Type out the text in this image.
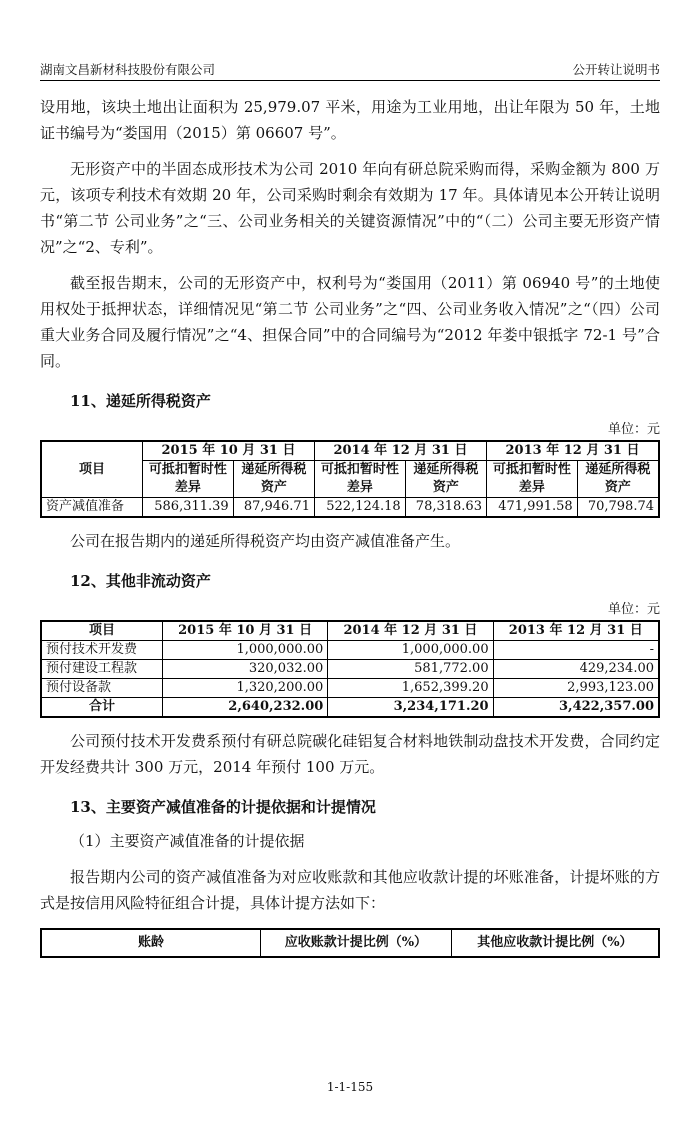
湖南文昌新材科技股份有限公司	公开转让说明书

设用地，该块土地出让面积为 25,979.07 平米，用途为工业用地，出让年限为 50 年，土地证书编号为“娄国用（2015）第 06607 号”。

无形资产中的半固态成形技术为公司 2010 年向有研总院采购而得，采购金额为 800 万元，该项专利技术有效期 20 年，公司采购时剩余有效期为 17 年。具体请见本公开转让说明书“第二节 公司业务”之“三、公司业务相关的关键资源情况”中的“（二）公司主要无形资产情况”之“2、专利”。

截至报告期末，公司的无形资产中，权利号为“娄国用（2011）第 06940 号”的土地使用权处于抵押状态，详细情况见“第二节 公司业务”之“四、公司业务收入情况”之“（四）公司重大业务合同及履行情况”之“4、担保合同”中的合同编号为“2012 年娄中银抵字 72-1 号”合同。

11、递延所得税资产
单位：元
项目	2015 年 10 月 31 日		2014 年 12 月 31 日		2013 年 12 月 31 日	
	可抵扣暂时性差异	递延所得税资产	可抵扣暂时性差异	递延所得税资产	可抵扣暂时性差异	递延所得税资产

资产减值准备	586,311.39	87,946.71	522,124.18	78,318.63	471,991.58	70,798.74

公司在报告期内的递延所得税资产均由资产减值准备产生。

12、其他非流动资产
单位：元
项目	2015 年 10 月 31 日	2014 年 12 月 31 日	2013 年 12 月 31 日
预付技术开发费	1,000,000.00	1,000,000.00	-
预付建设工程款	320,032.00	581,772.00	429,234.00
预付设备款	1,320,200.00	1,652,399.20	2,993,123.00
合计	2,640,232.00	3,234,171.20	3,422,357.00

公司预付技术开发费系预付有研总院碳化硅铝复合材料地铁制动盘技术开发费，合同约定开发经费共计 300 万元，2014 年预付 100 万元。

13、主要资产减值准备的计提依据和计提情况
（1）主要资产减值准备的计提依据

报告期内公司的资产减值准备为对应收账款和其他应收款计提的坏账准备，计提坏账的方式是按信用风险特征组合计提，具体计提方法如下：

账龄	应收账款计提比例（%）	其他应收款计提比例（%）
1-1-155
